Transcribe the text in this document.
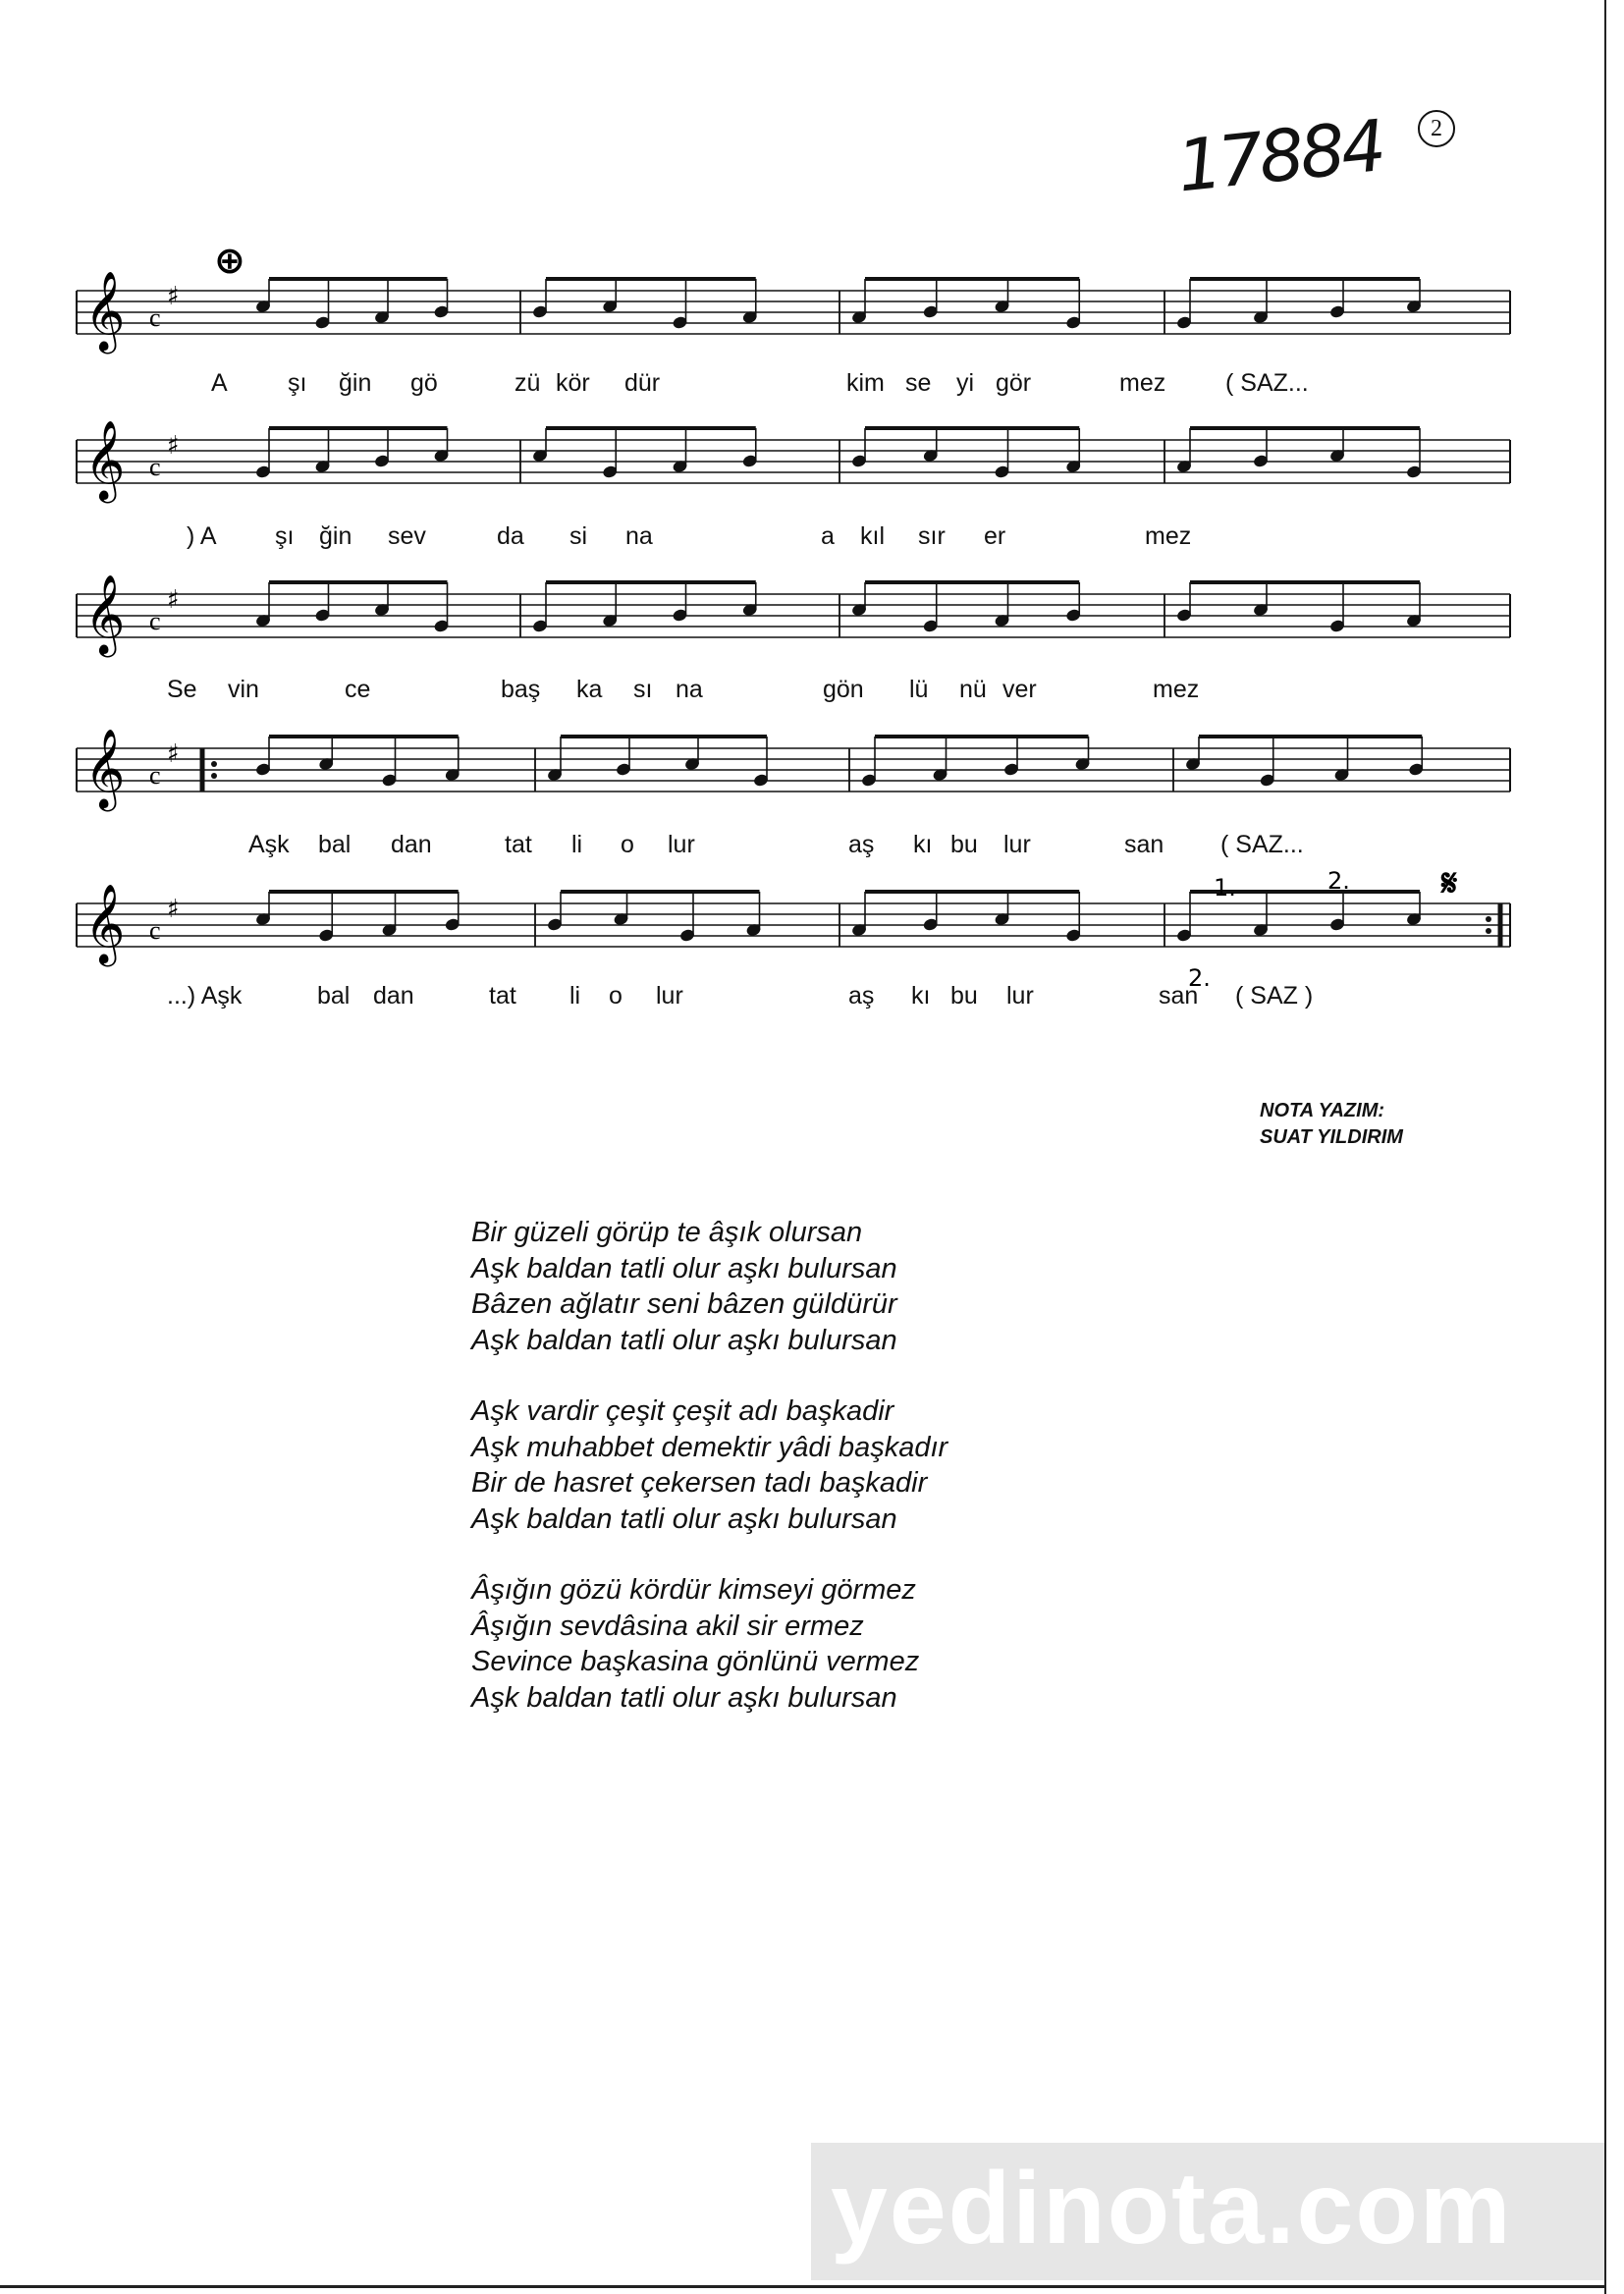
2
17884
𝄞 ♯
c
𝄞 ♯
c
𝄞 ♯
c
𝄞 ♯
c
𝄞 ♯
c
⊕
𝄋
1.	2.
2.
A şı ğin gö	zü kör dür	kim se yi gör	mez ( SAZ...
) A şı ğin sev	da si na	a kıl sır er	mez
Se vin	ce	baş ka sı na	gön lü nü ver	mez
Aşk bal dan	tat li o lur	aş kı bu lur	san ( SAZ...
...) Aşk	bal dan	tat li o lur	aş kı bu lur	san ( SAZ )
NOTA YAZIM:
SUAT YILDIRIM
Bir güzeli görüp te âşık olursan
Aşk baldan tatli olur aşkı bulursan
Bâzen ağlatır seni bâzen güldürür
Aşk baldan tatli olur aşkı bulursan
Aşk vardir çeşit çeşit adı başkadir
Aşk muhabbet demektir yâdi başkadır
Bir de hasret çekersen tadı başkadir
Aşk baldan tatli olur aşkı bulursan
Âşığın gözü kördür kimseyi görmez
Âşığın sevdâsina akil sir ermez
Sevince başkasina gönlünü vermez
Aşk baldan tatli olur aşkı bulursan
yedinota.com
